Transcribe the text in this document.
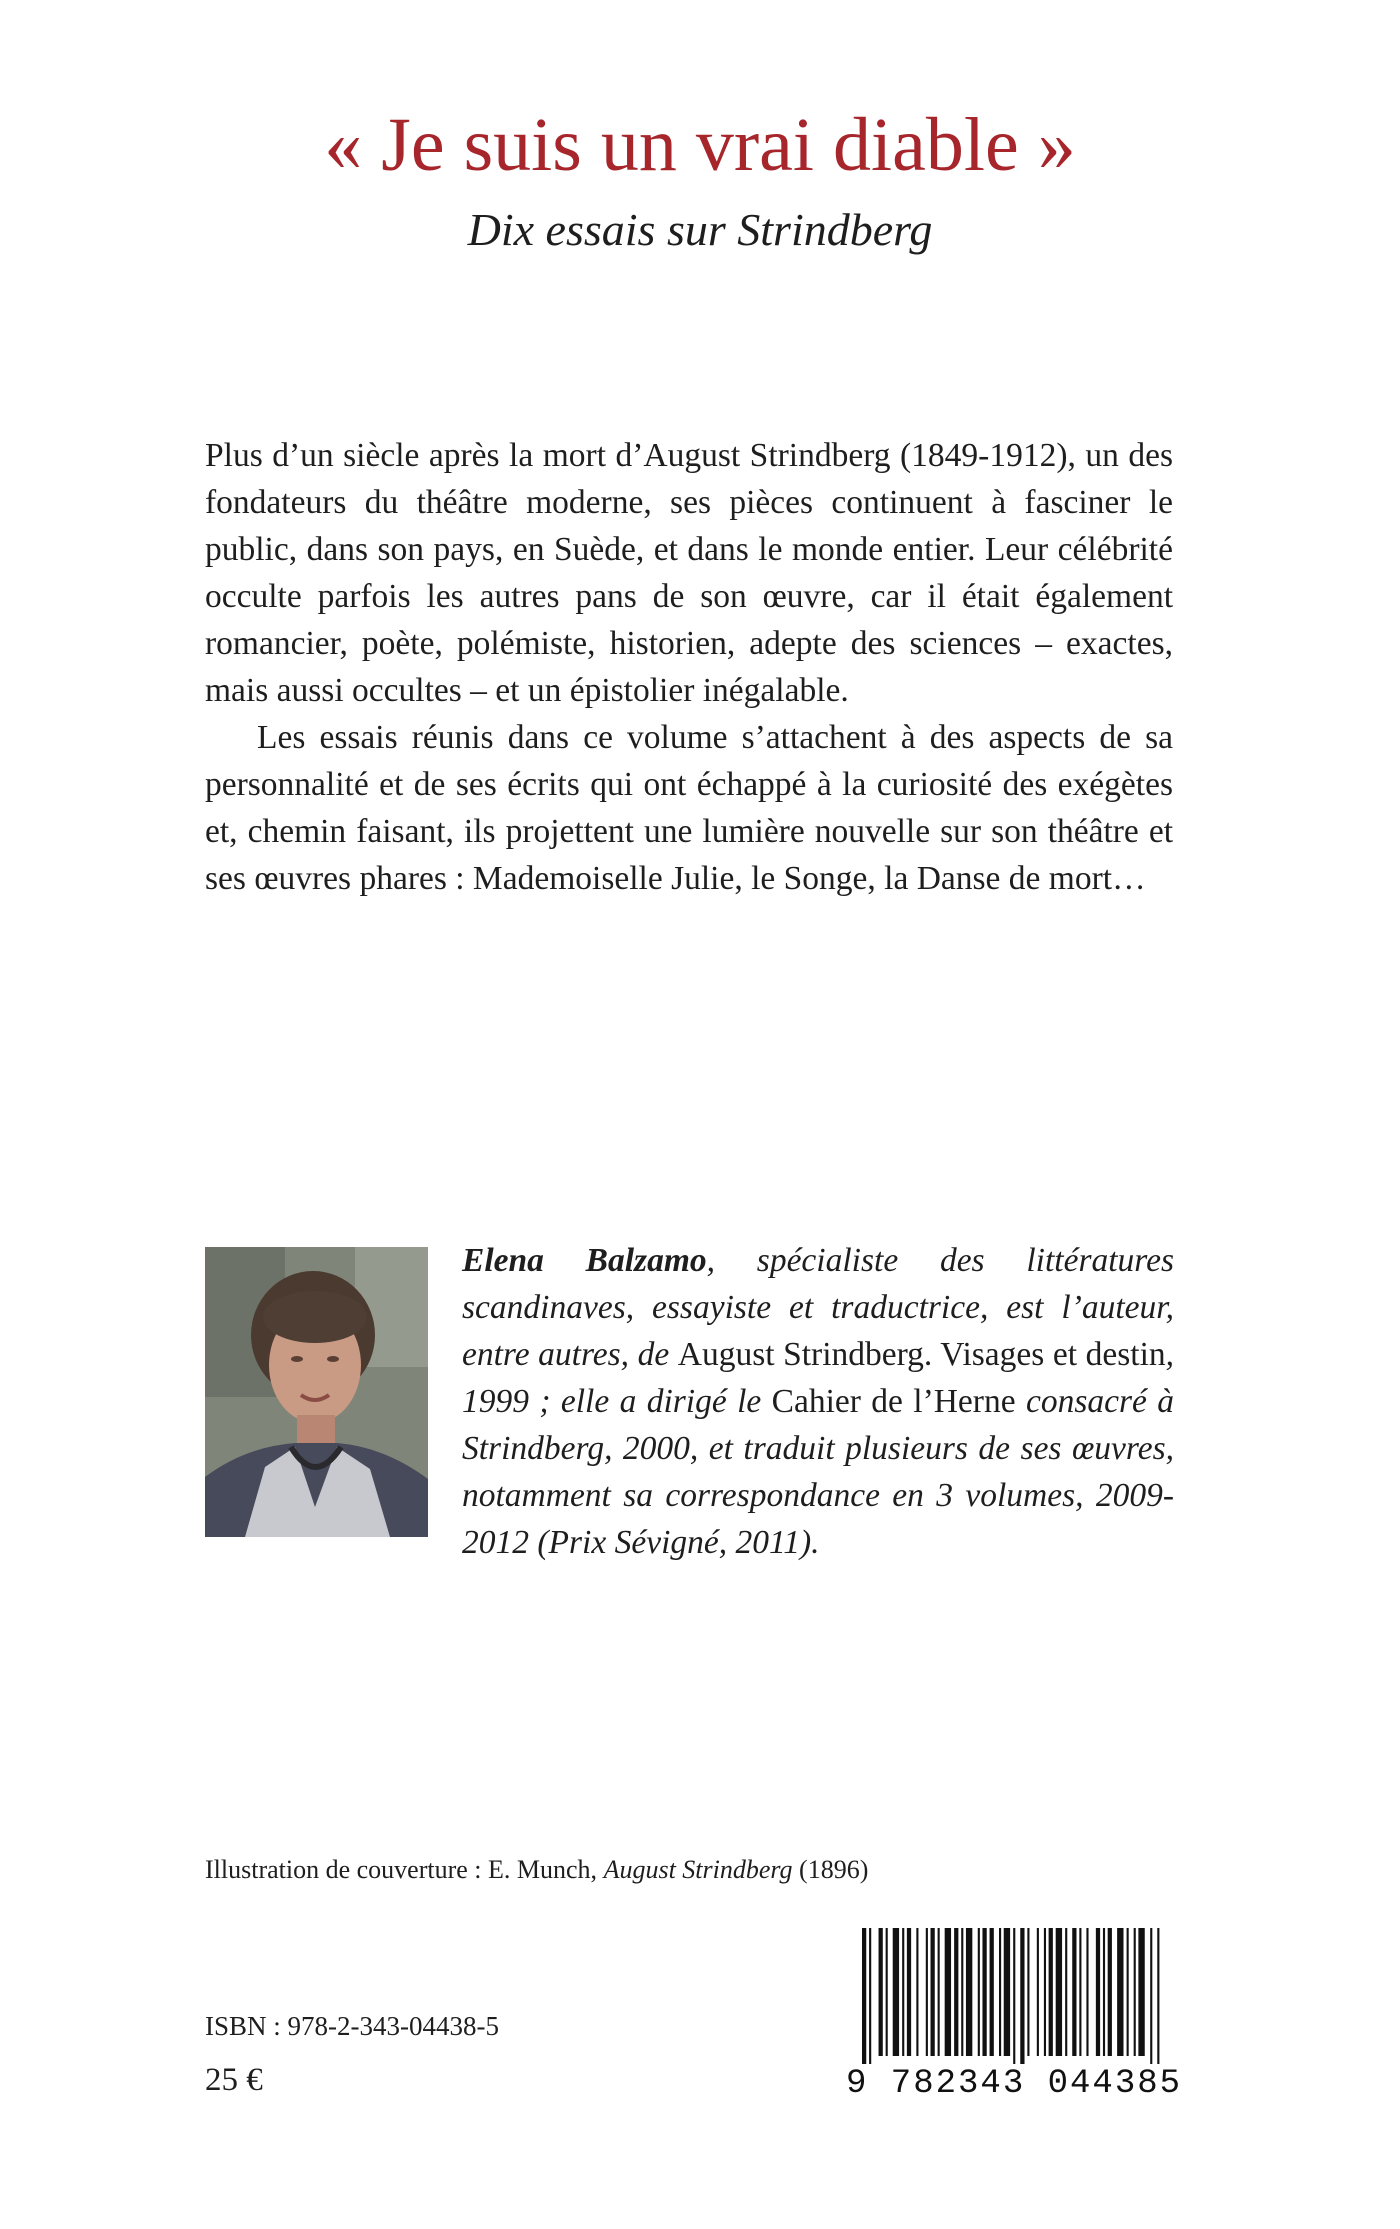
« Je suis un vrai diable »
Dix essais sur Strindberg

Plus d’un siècle après la mort d’August Strindberg (1849-1912), un des fondateurs du théâtre moderne, ses pièces continuent à fasciner le public, dans son pays, en Suède, et dans le monde entier. Leur célébrité occulte parfois les autres pans de son œuvre, car il était également romancier, poète, polémiste, historien, adepte des sciences – exactes, mais aussi occultes – et un épistolier inégalable.

Les essais réunis dans ce volume s’attachent à des aspects de sa personnalité et de ses écrits qui ont échappé à la curiosité des exégètes et, chemin faisant, ils projettent une lumière nouvelle sur son théâtre et ses œuvres phares : Mademoiselle Julie, le Songe, la Danse de mort…

Elena Balzamo, spécialiste des littératures scandinaves, essayiste et traductrice, est l’auteur, entre autres, de August Strindberg. Visages et destin, 1999 ; elle a dirigé le Cahier de l’Herne consacré à Strindberg, 2000, et traduit plusieurs de ses œuvres, notamment sa correspondance en 3 volumes, 2009-2012 (Prix Sévigné, 2011).
Illustration de couverture : E. Munch, August Strindberg (1896)
ISBN : 978-2-343-04438-5
25 €	9 782343 044385
